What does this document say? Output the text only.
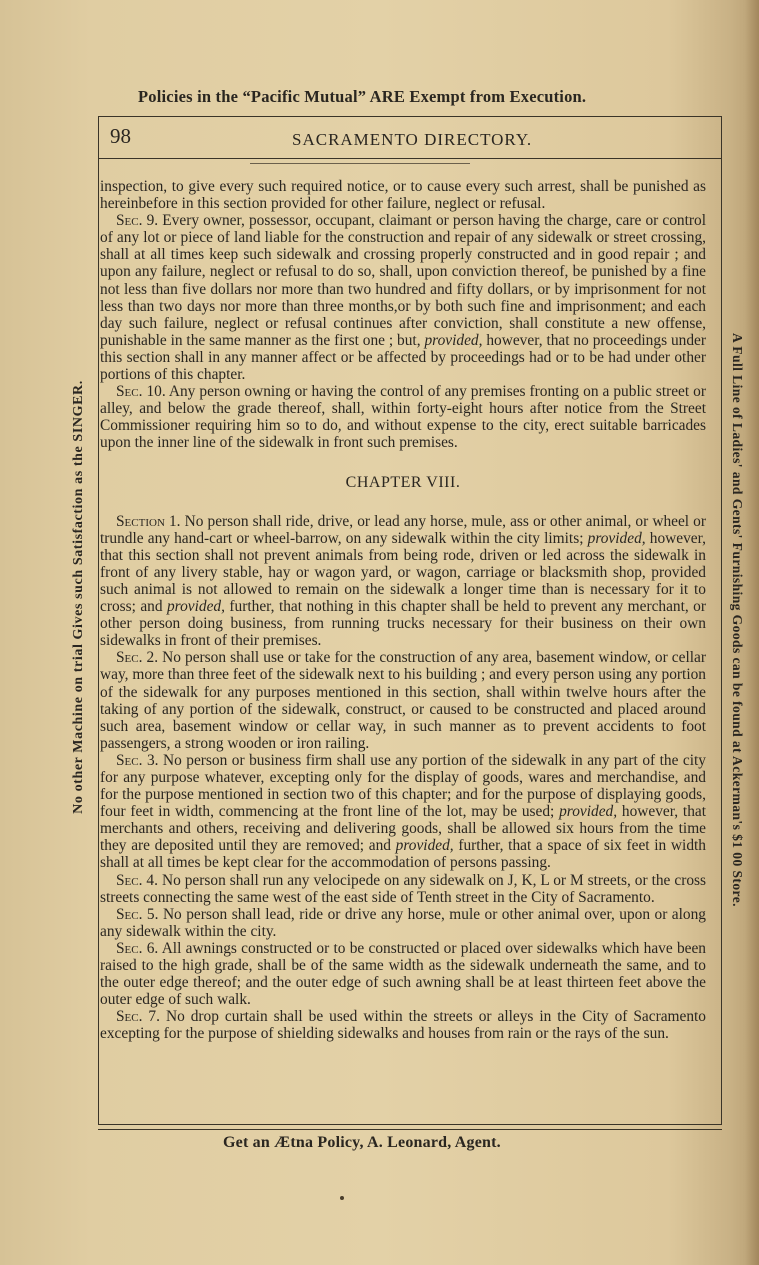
Policies in the “Pacific Mutual” ARE Exempt from Execution.
98	SACRAMENTO DIRECTORY.
No other Machine on trial Gives such Satisfaction as the SINGER.	A Full Line of Ladies' and Gents' Furnishing Goods can be found at Ackerman's $1 00 Store.

inspection, to give every such required notice, or to cause every such arrest, shall be punished as hereinbefore in this section provided for other failure, neglect or refusal.

Sec. 9. Every owner, possessor, occupant, claimant or person having the charge, care or control of any lot or piece of land liable for the construction and repair of any sidewalk or street crossing, shall at all times keep such sidewalk and crossing properly constructed and in good repair ; and upon any failure, neglect or refusal to do so, shall, upon conviction thereof, be punished by a fine not less than five dollars nor more than two hundred and fifty dollars, or by imprisonment for not less than two days nor more than three months,or by both such fine and imprisonment; and each day such failure, neglect or refusal continues after conviction, shall constitute a new offense, punishable in the same manner as the first one ; but, provided, however, that no proceedings under this section shall in any manner affect or be affected by proceedings had or to be had under other portions of this chapter.

Sec. 10. Any person owning or having the control of any premises fronting on a public street or alley, and below the grade thereof, shall, within forty-eight hours after notice from the Street Commissioner requiring him so to do, and without expense to the city, erect suitable barricades upon the inner line of the sidewalk in front such premises.

CHAPTER VIII.

Section 1. No person shall ride, drive, or lead any horse, mule, ass or other animal, or wheel or trundle any hand-cart or wheel-barrow, on any sidewalk within the city limits; provided, however, that this section shall not prevent animals from being rode, driven or led across the sidewalk in front of any livery stable, hay or wagon yard, or wagon, carriage or blacksmith shop, provided such animal is not allowed to remain on the sidewalk a longer time than is necessary for it to cross; and provided, further, that nothing in this chapter shall be held to prevent any merchant, or other person doing business, from running trucks necessary for their business on their own sidewalks in front of their premises.

Sec. 2. No person shall use or take for the construction of any area, basement window, or cellar way, more than three feet of the sidewalk next to his building ; and every person using any portion of the sidewalk for any purposes mentioned in this section, shall within twelve hours after the taking of any portion of the sidewalk, construct, or caused to be constructed and placed around such area, basement window or cellar way, in such manner as to prevent accidents to foot passengers, a strong wooden or iron railing.

Sec. 3. No person or business firm shall use any portion of the sidewalk in any part of the city for any purpose whatever, excepting only for the display of goods, wares and merchandise, and for the purpose mentioned in section two of this chapter; and for the purpose of displaying goods, four feet in width, commencing at the front line of the lot, may be used; provided, however, that merchants and others, receiving and delivering goods, shall be allowed six hours from the time they are deposited until they are removed; and provided, further, that a space of six feet in width shall at all times be kept clear for the accommodation of persons passing.

Sec. 4. No person shall run any velocipede on any sidewalk on J, K, L or M streets, or the cross streets connecting the same west of the east side of Tenth street in the City of Sacramento.

Sec. 5. No person shall lead, ride or drive any horse, mule or other animal over, upon or along any sidewalk within the city.

Sec. 6. All awnings constructed or to be constructed or placed over sidewalks which have been raised to the high grade, shall be of the same width as the sidewalk underneath the same, and to the outer edge thereof; and the outer edge of such awning shall be at least thirteen feet above the outer edge of such walk.

Sec. 7. No drop curtain shall be used within the streets or alleys in the City of Sacramento excepting for the purpose of shielding sidewalks and houses from rain or the rays of the sun.

Get an Ætna Policy, A. Leonard, Agent.
